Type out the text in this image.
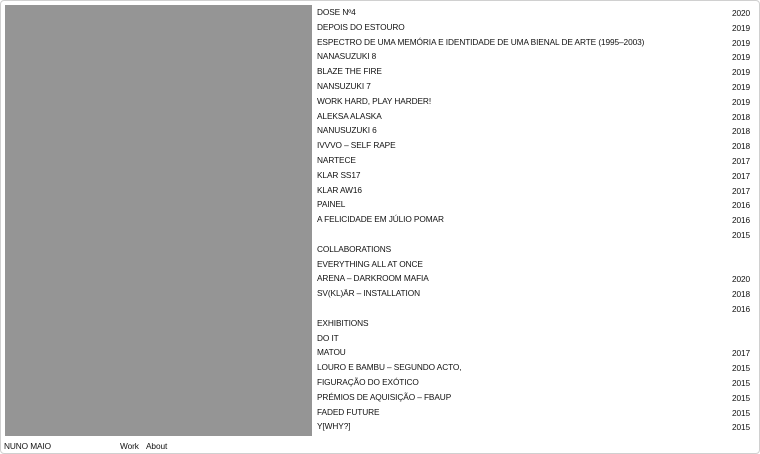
DOSE Nº4
DEPOIS DO ESTOURO
ESPECTRO DE UMA MEMÓRIA E IDENTIDADE DE UMA BIENAL DE ARTE (1995–2003)
NANASUZUKI 8
BLAZE THE FIRE
NANSUZUKI 7
WORK HARD, PLAY HARDER!
ALEKSA ALASKA
NANUSUZUKI 6
IVVVO – SELF RAPE
NARTECE
KLAR SS17
KLAR AW16
PAINEL
A FELICIDADE EM JÚLIO POMAR
COLLABORATIONS
EVERYTHING ALL AT ONCE
ARENA – DARKROOM MAFIA
SV(KL)ÄR – INSTALLATION
EXHIBITIONS
DO IT
MATOU
LOURO E BAMBU – SEGUNDO ACTO,
FIGURAÇÃO DO EXÓTICO
PRÉMIOS DE AQUISIÇÃO – FBAUP
FADED FUTURE
Y[WHY?]
2020
2019
2019
2019
2019
2019
2019
2018
2018
2018
2017
2017
2017
2016
2016
2015
2020
2018
2016
2017
2015
2015
2015
2015
2015
NUNO MAIO	Work About
